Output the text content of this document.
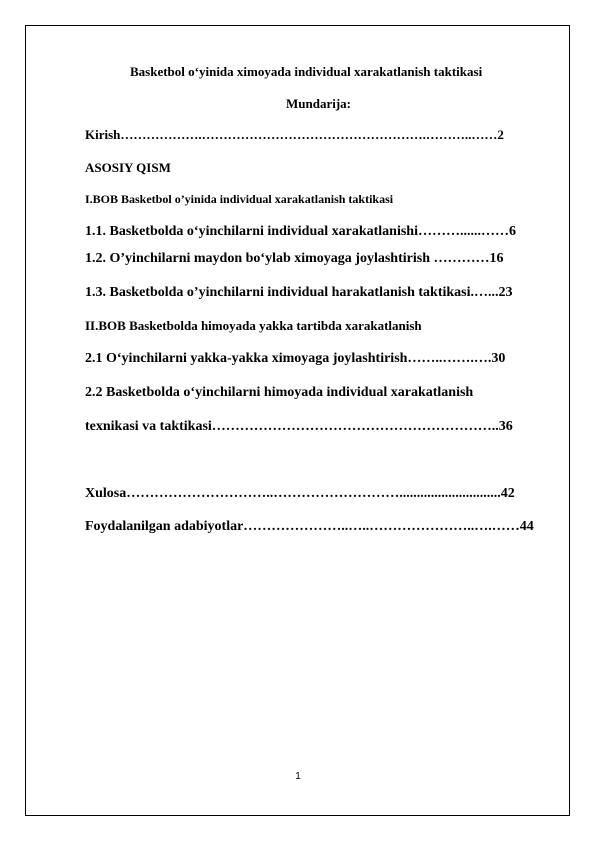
Basketbol o‘yinida ximoyada individual xarakatlanish taktikasi
Mundarija:
Kirish……………….…………………………………………….………..……2
ASOSIY QISM
I.BOB Basketbol o’yinida individual xarakatlanish taktikasi
1.1. Basketbolda o‘yinchilarni individual xarakatlanishi………......……6
1.2. O’yinchilarni maydon bo‘ylab ximoyaga joylashtirish …………16
1.3. Basketbolda o’yinchilarni individual harakatlanish taktikasi.…...23
II.BOB Basketbolda himoyada yakka tartibda xarakatlanish
2.1 O‘yinchilarni yakka-yakka ximoyaga joylashtirish……..…….….30
2.2 Basketbolda o‘yinchilarni himoyada individual xarakatlanish
texnikasi va taktikasi……………………………………………………..36
Xulosa…………………………..……………………….............................42
Foydalanilgan adabiyotlar…………………..…..…………………..….……44
1
